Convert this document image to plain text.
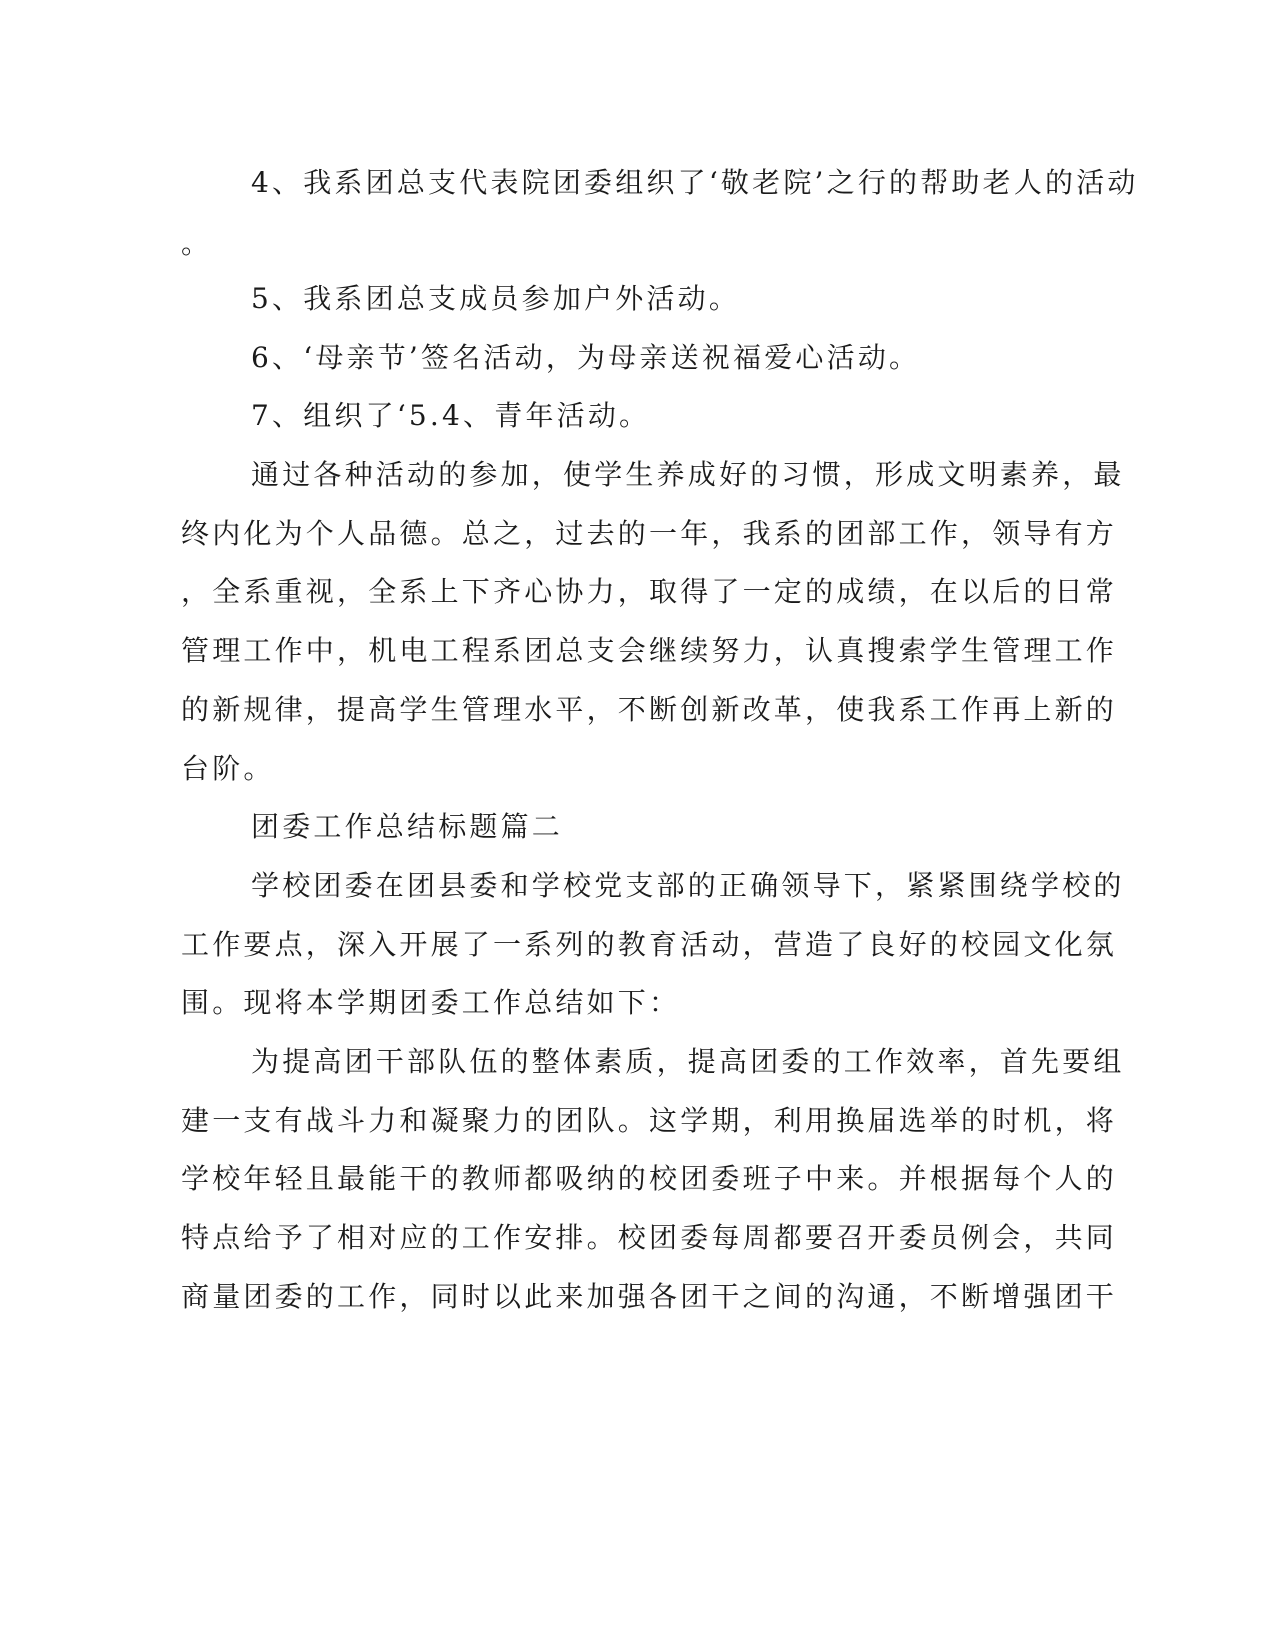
4、我系团总支代表院团委组织了‘敬老院’之行的帮助老人的活动
。
5、我系团总支成员参加户外活动。
6、‘母亲节’签名活动，为母亲送祝福爱心活动。
7、组织了‘5.4、青年活动。
通过各种活动的参加，使学生养成好的习惯，形成文明素养，最
终内化为个人品德。总之，过去的一年，我系的团部工作，领导有方
，全系重视，全系上下齐心协力，取得了一定的成绩，在以后的日常
管理工作中，机电工程系团总支会继续努力，认真搜索学生管理工作
的新规律，提高学生管理水平，不断创新改革，使我系工作再上新的
台阶。
团委工作总结标题篇二
学校团委在团县委和学校党支部的正确领导下，紧紧围绕学校的
工作要点，深入开展了一系列的教育活动，营造了良好的校园文化氛
围。现将本学期团委工作总结如下：
为提高团干部队伍的整体素质，提高团委的工作效率，首先要组
建一支有战斗力和凝聚力的团队。这学期，利用换届选举的时机，将
学校年轻且最能干的教师都吸纳的校团委班子中来。并根据每个人的
特点给予了相对应的工作安排。校团委每周都要召开委员例会，共同
商量团委的工作，同时以此来加强各团干之间的沟通，不断增强团干
